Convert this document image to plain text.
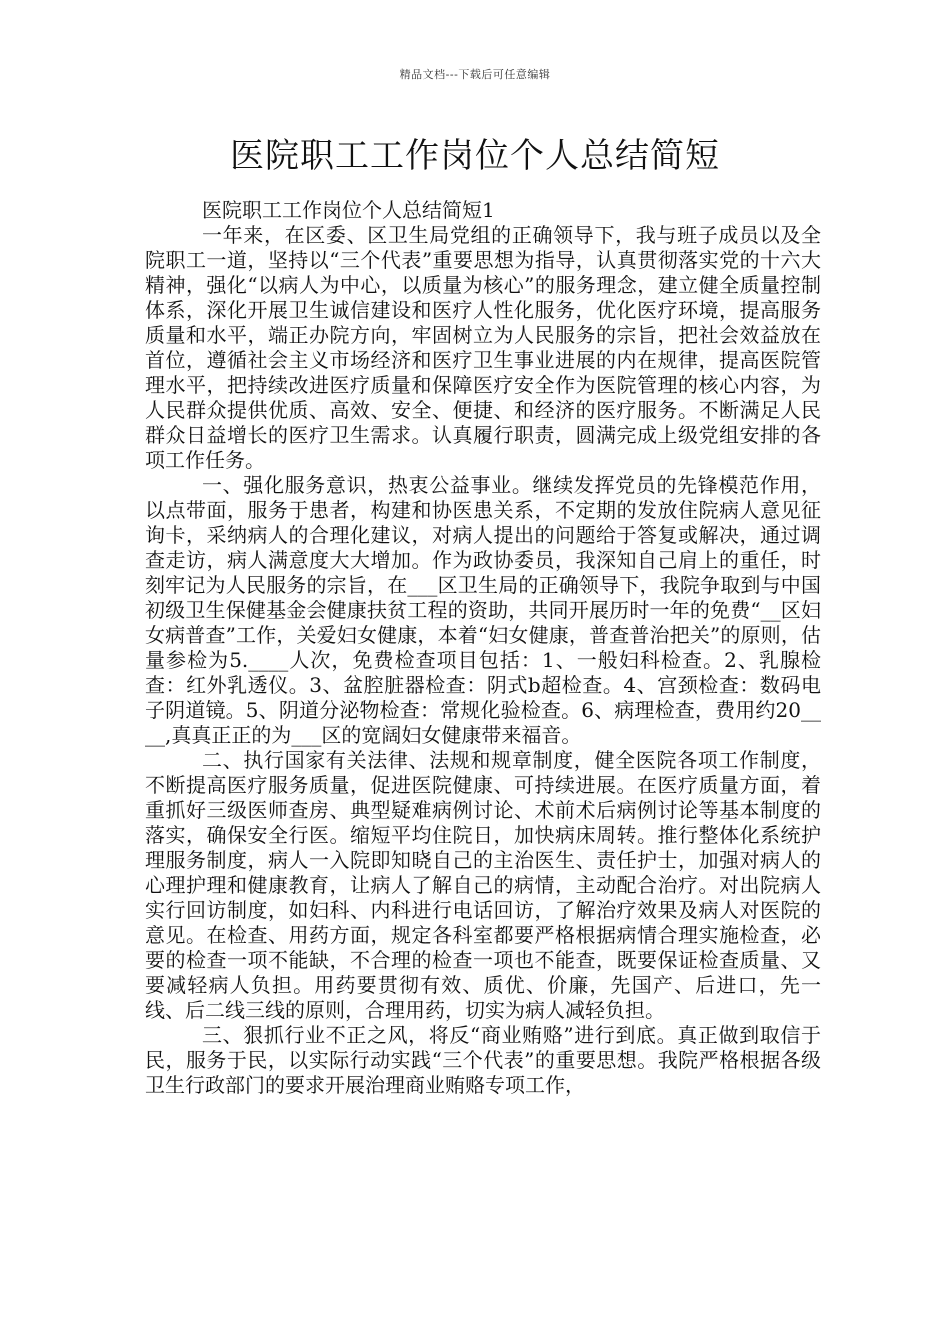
精品文档---下载后可任意编辑
医院职工工作岗位个人总结简短

医院职工工作岗位个人总结简短1

一年来，在区委、区卫生局党组的正确领导下，我与班子成员以及全院职工一道，坚持以“三个代表”重要思想为指导，认真贯彻落实党的十六大精神，强化“以病人为中心，以质量为核心”的服务理念，建立健全质量控制体系，深化开展卫生诚信建设和医疗人性化服务，优化医疗环境，提高服务质量和水平，端正办院方向，牢固树立为人民服务的宗旨，把社会效益放在首位，遵循社会主义市场经济和医疗卫生事业进展的内在规律，提高医院管理水平，把持续改进医疗质量和保障医疗安全作为医院管理的核心内容，为人民群众提供优质、高效、安全、便捷、和经济的医疗服务。不断满足人民群众日益增长的医疗卫生需求。认真履行职责，圆满完成上级党组安排的各项工作任务。

一、强化服务意识，热衷公益事业。继续发挥党员的先锋模范作用，以点带面，服务于患者，构建和协医患关系，不定期的发放住院病人意见征询卡，采纳病人的合理化建议，对病人提出的问题给于答复或解决，通过调查走访，病人满意度大大增加。作为政协委员，我深知自己肩上的重任，时刻牢记为人民服务的宗旨，在___区卫生局的正确领导下，我院争取到与中国初级卫生保健基金会健康扶贫工程的资助，共同开展历时一年的免费“__区妇女病普查”工作，关爱妇女健康，本着“妇女健康，普查普治把关”的原则，估量参检为5.____人次，免费检查项目包括：1、一般妇科检查。2、乳腺检查：红外乳透仪。3、盆腔脏器检查：阴式b超检查。4、宫颈检查：数码电子阴道镜。5、阴道分泌物检查：常规化验检查。6、病理检查，费用约20____,真真正正的为___区的宽阔妇女健康带来福音。

二、执行国家有关法律、法规和规章制度，健全医院各项工作制度，不断提高医疗服务质量，促进医院健康、可持续进展。在医疗质量方面，着重抓好三级医师查房、典型疑难病例讨论、术前术后病例讨论等基本制度的落实，确保安全行医。缩短平均住院日，加快病床周转。推行整体化系统护理服务制度，病人一入院即知晓自己的主治医生、责任护士，加强对病人的心理护理和健康教育，让病人了解自己的病情，主动配合治疗。对出院病人实行回访制度，如妇科、内科进行电话回访，了解治疗效果及病人对医院的意见。在检查、用药方面，规定各科室都要严格根据病情合理实施检查，必要的检查一项不能缺，不合理的检查一项也不能查，既要保证检查质量、又要减轻病人负担。用药要贯彻有效、质优、价廉，先国产、后进口，先一线、后二线三线的原则，合理用药，切实为病人减轻负担。

三、狠抓行业不正之风，将反“商业贿赂”进行到底。真正做到取信于民，服务于民，以实际行动实践“三个代表”的重要思想。我院严格根据各级卫生行政部门的要求开展治理商业贿赂专项工作，
